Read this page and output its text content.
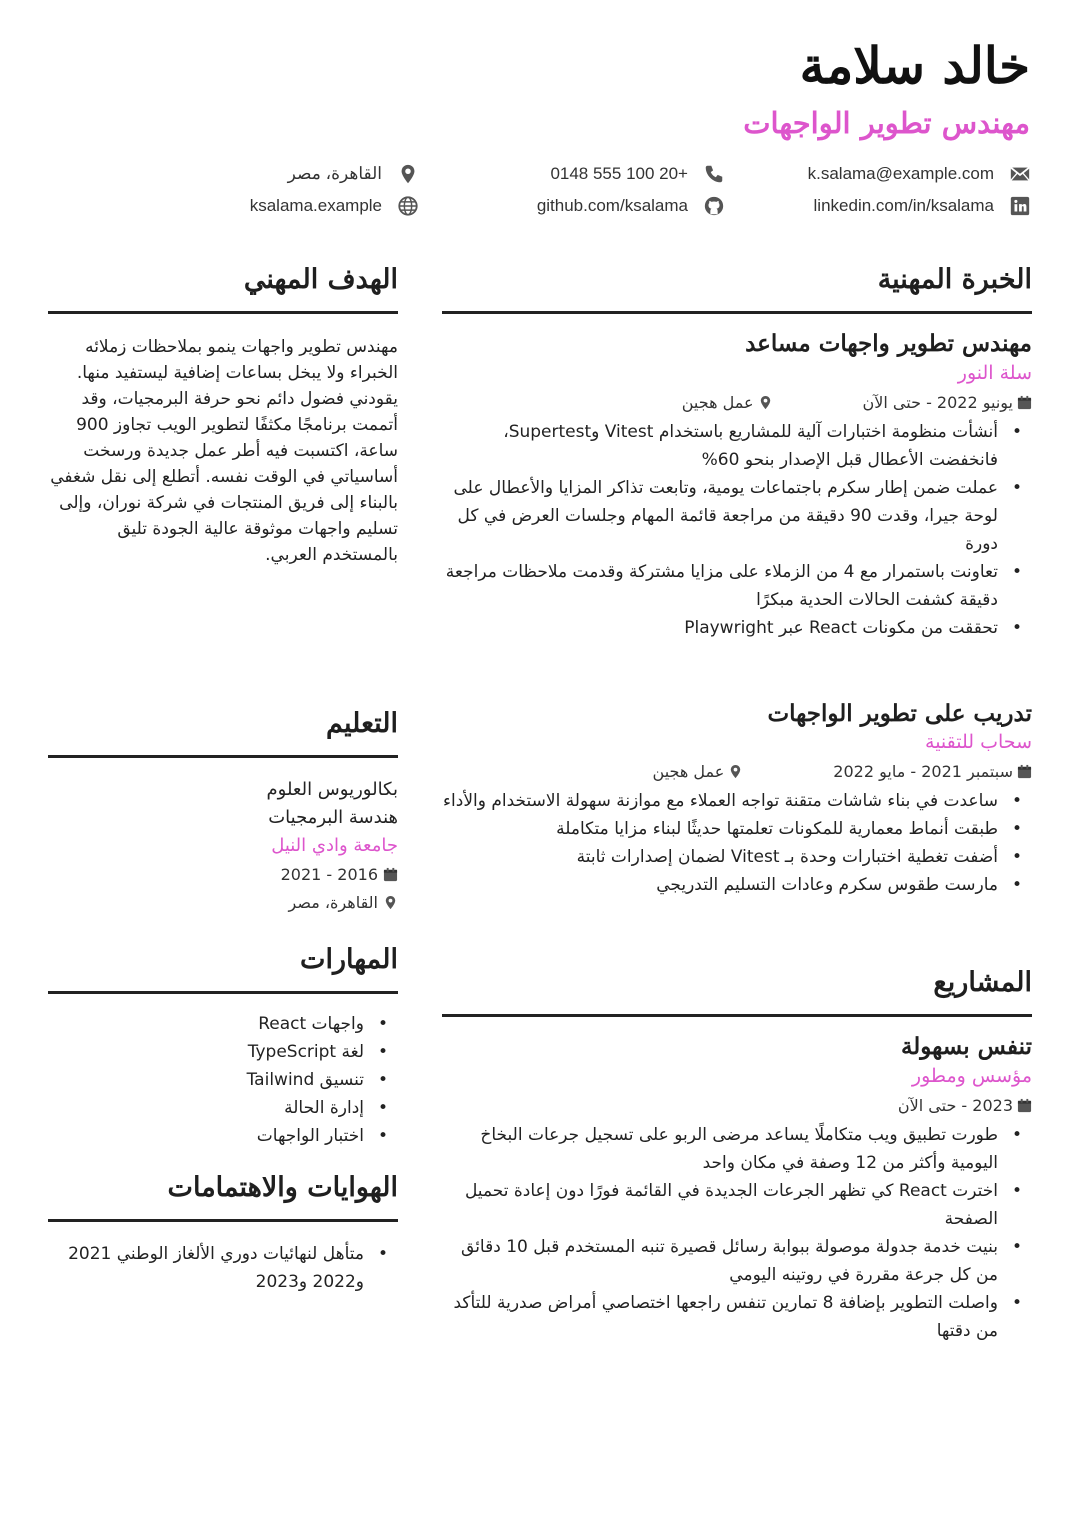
خالد سلامة
مهندس تطوير الواجهات
k.salama@example.com
0148 555 100 20+
القاهرة، مصر
linkedin.com/in/ksalama
github.com/ksalama
ksalama.example
الخبرة المهنية
مهندس تطوير واجهات مساعد
سلة النور
يونيو 2022 - حتى الآن
عمل هجين
• أنشأت منظومة اختبارات آلية للمشاريع باستخدام Vitest وSupertest، فانخفضت الأعطال قبل الإصدار بنحو 60%
• عملت ضمن إطار سكرم باجتماعات يومية، وتابعت تذاكر المزايا والأعطال على لوحة جيرا، وقدت 90 دقيقة من مراجعة قائمة المهام وجلسات العرض في كل دورة
• تعاونت باستمرار مع 4 من الزملاء على مزايا مشتركة وقدمت ملاحظات مراجعة دقيقة كشفت الحالات الحدية مبكرًا
• تحققت من مكونات React عبر Playwright
تدريب على تطوير الواجهات
سحاب للتقنية
سبتمبر 2021 - مايو 2022
عمل هجين
• ساعدت في بناء شاشات متقنة تواجه العملاء مع موازنة سهولة الاستخدام والأداء
• طبقت أنماط معمارية للمكونات تعلمتها حديثًا لبناء مزايا متكاملة
• أضفت تغطية اختبارات وحدة بـ Vitest لضمان إصدارات ثابتة
• مارست طقوس سكرم وعادات التسليم التدريجي
المشاريع
تنفس بسهولة
مؤسس ومطور
2023 - حتى الآن
• طورت تطبيق ويب متكاملًا يساعد مرضى الربو على تسجيل جرعات البخاخ اليومية وأكثر من 12 وصفة في مكان واحد
• اخترت React كي تظهر الجرعات الجديدة في القائمة فورًا دون إعادة تحميل الصفحة
• بنيت خدمة جدولة موصولة ببوابة رسائل قصيرة تنبه المستخدم قبل 10 دقائق من كل جرعة مقررة في روتينه اليومي
• واصلت التطوير بإضافة 8 تمارين تنفس راجعها اختصاصي أمراض صدرية للتأكد من دقتها
الهدف المهني

مهندس تطوير واجهات ينمو بملاحظات زملائه الخبراء ولا يبخل بساعات إضافية ليستفيد منها. يقودني فضول دائم نحو حرفة البرمجيات، وقد أتممت برنامجًا مكثفًا لتطوير الويب تجاوز 900 ساعة، اكتسبت فيه أطر عمل جديدة ورسخت أساسياتي في الوقت نفسه. أتطلع إلى نقل شغفي بالبناء إلى فريق المنتجات في شركة نوران، وإلى تسليم واجهات موثوقة عالية الجودة تليق بالمستخدم العربي.

التعليم

بكالوريوس العلوم

هندسة البرمجيات

جامعة وادي النيل

2016 - 2021
القاهرة، مصر
المهارات
• واجهات React
• لغة TypeScript
• تنسيق Tailwind
• إدارة الحالة
• اختبار الواجهات
الهوايات والاهتمامات
• متأهل لنهائيات دوري الألغاز الوطني 2021 و2022 و2023
